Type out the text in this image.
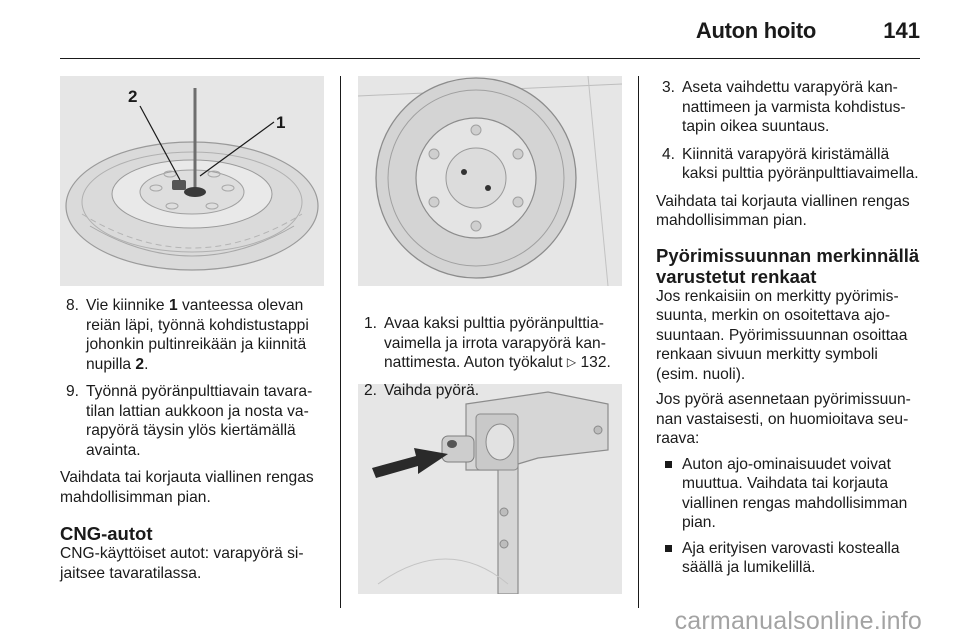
Auton hoito	141
2
1
8. Vie kiinnike 1 vanteessa olevan reiän läpi, työnnä kohdistustappi johonkin pultinreikään ja kiinnitä nupilla 2.
9. Työnnä pyöränpulttiavain tavaratilan lattian aukkoon ja nosta varapyörä täysin ylös kiertämällä avainta.

Vaihdata tai korjauta viallinen rengas mahdollisimman pian.

CNG-autot

CNG-käyttöiset autot: varapyörä sijaitsee tavaratilassa.

1. Avaa kaksi pulttia pyöränpulttiavaimella ja irrota varapyörä kannattimesta. Auton työkalut ▷ 132.
2. Vaihda pyörä.
3. Aseta vaihdettu varapyörä kannattimeen ja varmista kohdistustapin oikea suuntaus.
4. Kiinnitä varapyörä kiristämällä kaksi pulttia pyöränpulttiavaimella.

Vaihdata tai korjauta viallinen rengas mahdollisimman pian.

Pyörimissuunnan merkinnällä varustetut renkaat

Jos renkaisiin on merkitty pyörimissuunta, merkin on osoitettava ajosuuntaan. Pyörimissuunnan osoittaa renkaan sivuun merkitty symboli (esim. nuoli).

Jos pyörä asennetaan pyörimissuunnan vastaisesti, on huomioitava seuraava:

Auton ajo-ominaisuudet voivat muuttua. Vaihdata tai korjauta viallinen rengas mahdollisimman pian.
Aja erityisen varovasti kostealla säällä ja lumikelillä.
carmanualsonline.info
